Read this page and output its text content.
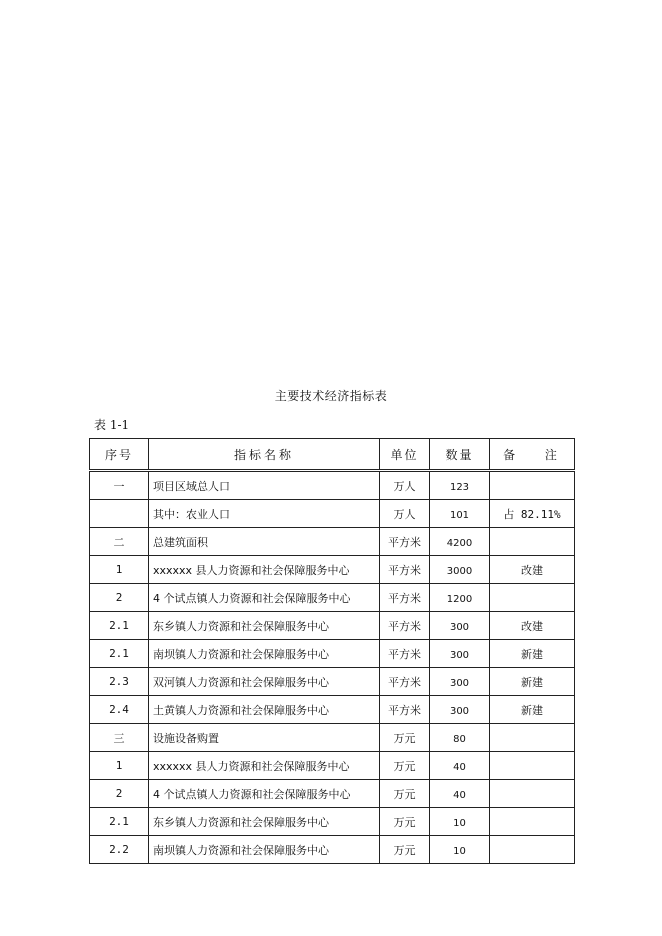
主要技术经济指标表
表 1-1
序号	指标名称	单位	数量	备 注
一	项目区域总人口	万人	123	
	其中：农业人口	万人	101	占 82.11%
二	总建筑面积	平方米	4200	
1	xxxxxx 县人力资源和社会保障服务中心	平方米	3000	改建
2	4 个试点镇人力资源和社会保障服务中心	平方米	1200	
2.1	东乡镇人力资源和社会保障服务中心	平方米	300	改建
2.1	南坝镇人力资源和社会保障服务中心	平方米	300	新建
2.3	双河镇人力资源和社会保障服务中心	平方米	300	新建
2.4	土黄镇人力资源和社会保障服务中心	平方米	300	新建
三	设施设备购置	万元	80	
1	xxxxxx 县人力资源和社会保障服务中心	万元	40	
2	4 个试点镇人力资源和社会保障服务中心	万元	40	
2.1	东乡镇人力资源和社会保障服务中心	万元	10	
2.2	南坝镇人力资源和社会保障服务中心	万元	10	
